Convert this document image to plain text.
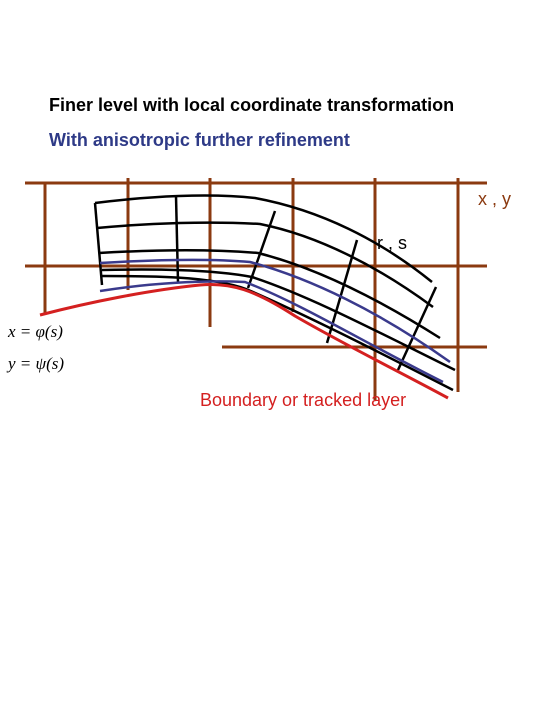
Finer level with local coordinate transformation
With anisotropic further refinement
x , y
r , s
Boundary or tracked layer
x = φ(s)
y = ψ(s)
